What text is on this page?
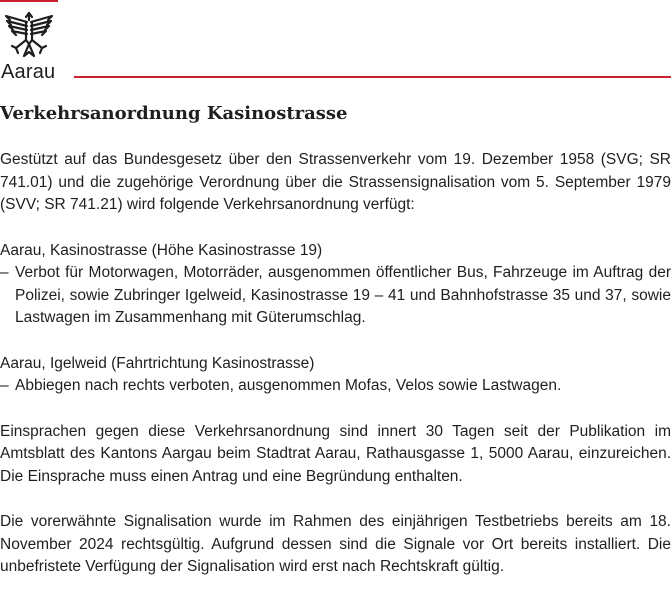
Aarau
Verkehrsanordnung Kasinostrasse

Gestützt auf das Bundesgesetz über den Strassenverkehr vom 19. Dezember 1958 (SVG; SR 741.01) und die zugehörige Verordnung über die Strassensignalisation vom 5. September 1979 (SVV; SR 741.21) wird folgende Verkehrsanordnung verfügt:

Aarau, Kasinostrasse (Höhe Kasinostrasse 19)

– Verbot für Motorwagen, Motorräder, ausgenommen öffentlicher Bus, Fahrzeuge im Auftrag der Polizei, sowie Zubringer Igelweid, Kasinostrasse 19 – 41 und Bahnhofstrasse 35 und 37, sowie Lastwagen im Zusammenhang mit Güterumschlag.

Aarau, Igelweid (Fahrtrichtung Kasinostrasse)

– Abbiegen nach rechts verboten, ausgenommen Mofas, Velos sowie Lastwagen.

Einsprachen gegen diese Verkehrsanordnung sind innert 30 Tagen seit der Publikation im Amtsblatt des Kantons Aargau beim Stadtrat Aarau, Rathausgasse 1, 5000 Aarau, einzureichen. Die Einsprache muss einen Antrag und eine Begründung enthalten.

Die vorerwähnte Signalisation wurde im Rahmen des einjährigen Testbetriebs bereits am 18. November 2024 rechtsgültig. Aufgrund dessen sind die Signale vor Ort bereits installiert. Die unbefristete Verfügung der Signalisation wird erst nach Rechtskraft gültig.
